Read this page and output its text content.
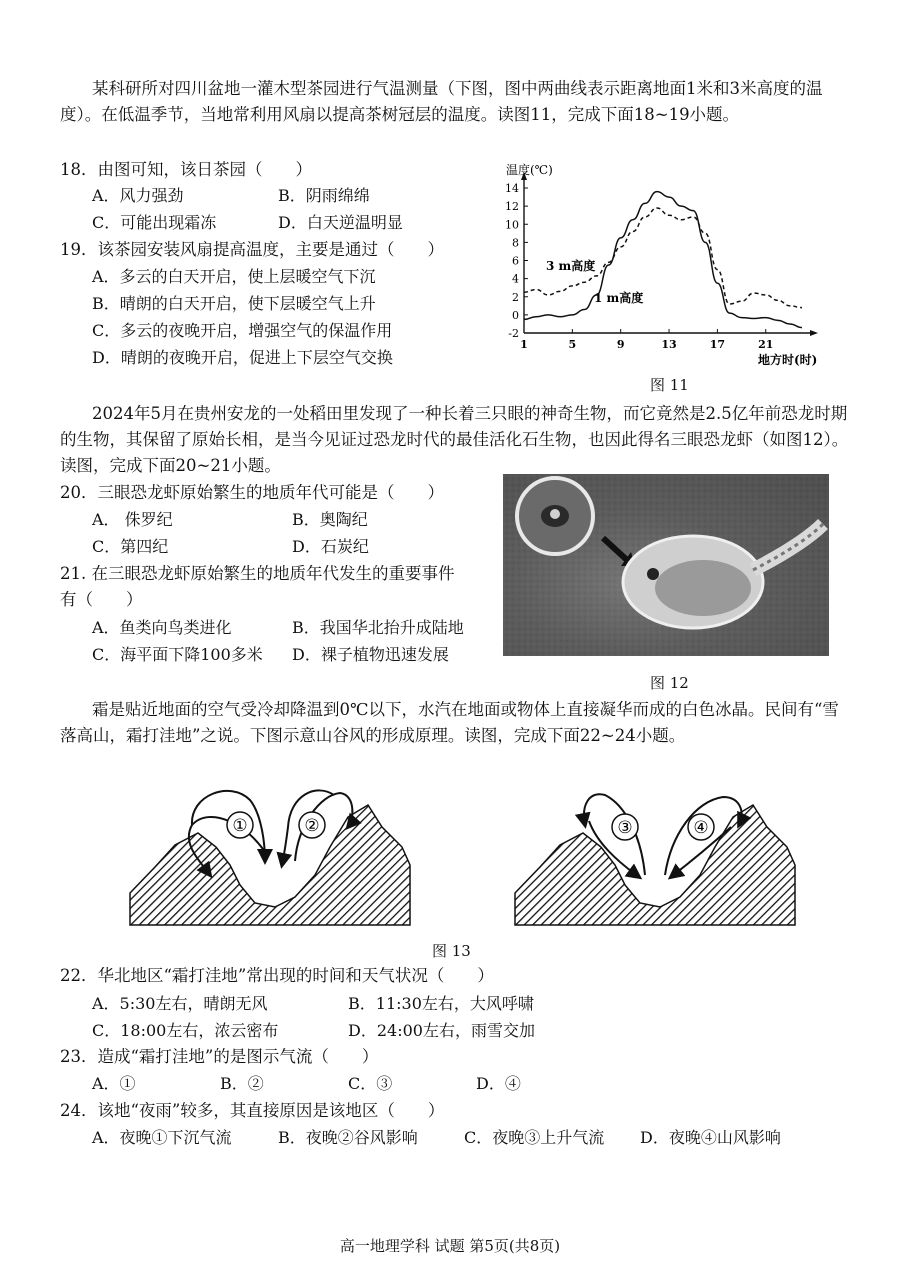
某科研所对四川盆地一灌木型茶园进行气温测量（下图，图中两曲线表示距离地面1米和3米高度的温度）。在低温季节，当地常利用风扇以提高茶树冠层的温度。读图11，完成下面18~19小题。

18．由图可知，该日茶园（　　）
A．风力强劲	B．阴雨绵绵
C．可能出现霜冻	D．白天逆温明显
19．该茶园安装风扇提高温度，主要是通过（　　）
A．多云的白天开启，使上层暖空气下沉
B．晴朗的白天开启，使下层暖空气上升
C．多云的夜晚开启，增强空气的保温作用
D．晴朗的夜晚开启，促进上下层空气交换
-2
0
2
4
6
8
10
12
14
1	5	9	13	17	21
温度(℃)
地方时(时)
3 m高度
1 m高度
图 11

2024年5月在贵州安龙的一处稻田里发现了一种长着三只眼的神奇生物，而它竟然是2.5亿年前恐龙时期的生物，其保留了原始长相，是当今见证过恐龙时代的最佳活化石生物，也因此得名三眼恐龙虾（如图12）。读图，完成下面20~21小题。

20．三眼恐龙虾原始繁生的地质年代可能是（　　）
A． 侏罗纪	B．奥陶纪
C．第四纪	D．石炭纪
21. 在三眼恐龙虾原始繁生的地质年代发生的重要事件
有（　　）
A．鱼类向鸟类进化	B．我国华北抬升成陆地
C．海平面下降100多米 D．裸子植物迅速发展
图 12

霜是贴近地面的空气受冷却降温到0℃以下，水汽在地面或物体上直接凝华而成的白色冰晶。民间有“雪落高山，霜打洼地”之说。下图示意山谷风的形成原理。读图，完成下面22~24小题。

①	②	③	④
图 13
22．华北地区“霜打洼地”常出现的时间和天气状况（　　）
A．5:30左右，晴朗无风	B．11:30左右，大风呼啸
C．18:00左右，浓云密布	D．24:00左右，雨雪交加
23．造成“霜打洼地”的是图示气流（　　）
A．①	B．②	C．③	D．④
24．该地“夜雨”较多，其直接原因是该地区（　　）
A．夜晚①下沉气流	B．夜晚②谷风影响	C．夜晚③上升气流 D．夜晚④山风影响
高一地理学科 试题 第5页(共8页)
